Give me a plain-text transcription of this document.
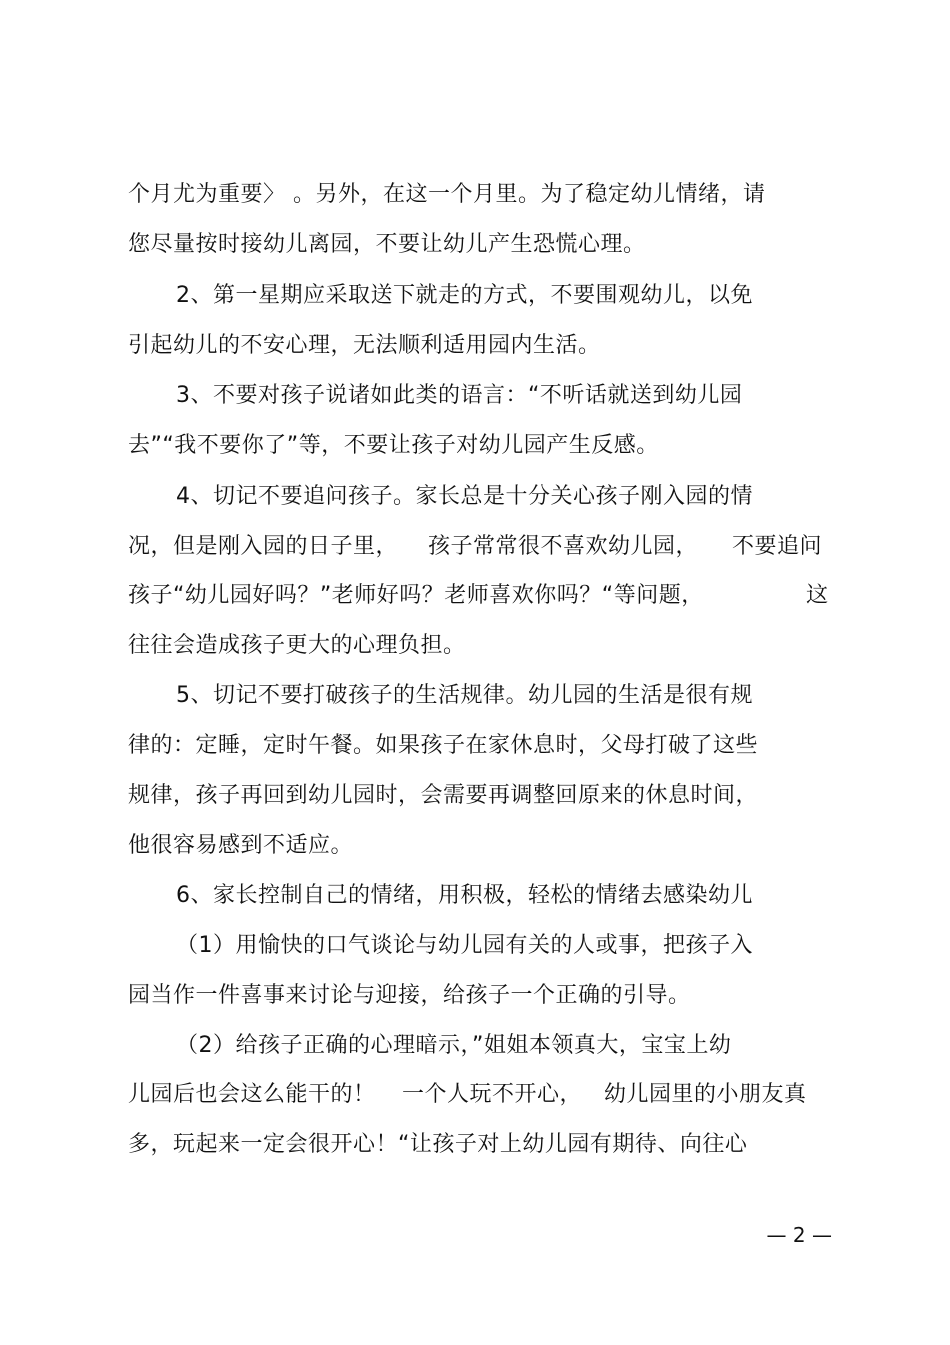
个月尤为重要〉 。另外，在这一个月里。为了稳定幼儿情绪，请
您尽量按时接幼儿离园，不要让幼儿产生恐慌心理。
2、第一星期应采取送下就走的方式，不要围观幼儿，以免
引起幼儿的不安心理，无法顺利适用园内生活。
3、不要对孩子说诸如此类的语言：“不听话就送到幼儿园
去”“我不要你了”等，不要让孩子对幼儿园产生反感。
4、切记不要追问孩子。家长总是十分关心孩子刚入园的情
况，但是刚入园的日子里， 孩子常常很不喜欢幼儿园， 不要追问
孩子“幼儿园好吗？”老师好吗？老师喜欢你吗？“等问题，	这
往往会造成孩子更大的心理负担。
5、切记不要打破孩子的生活规律。幼儿园的生活是很有规
律的：定睡，定时午餐。如果孩子在家休息时，父母打破了这些
规律，孩子再回到幼儿园时，会需要再调整回原来的休息时间，
他很容易感到不适应。
6、家长控制自己的情绪，用积极，轻松的情绪去感染幼儿
（1）用愉快的口气谈论与幼儿园有关的人或事，把孩子入
园当作一件喜事来讨论与迎接，给孩子一个正确的引导。
（2）给孩子正确的心理暗示，”姐姐本领真大，宝宝上幼
儿园后也会这么能干的！ 一个人玩不开心， 幼儿园里的小朋友真
多，玩起来一定会很开心！“让孩子对上幼儿园有期待、向往心
— 2 —
